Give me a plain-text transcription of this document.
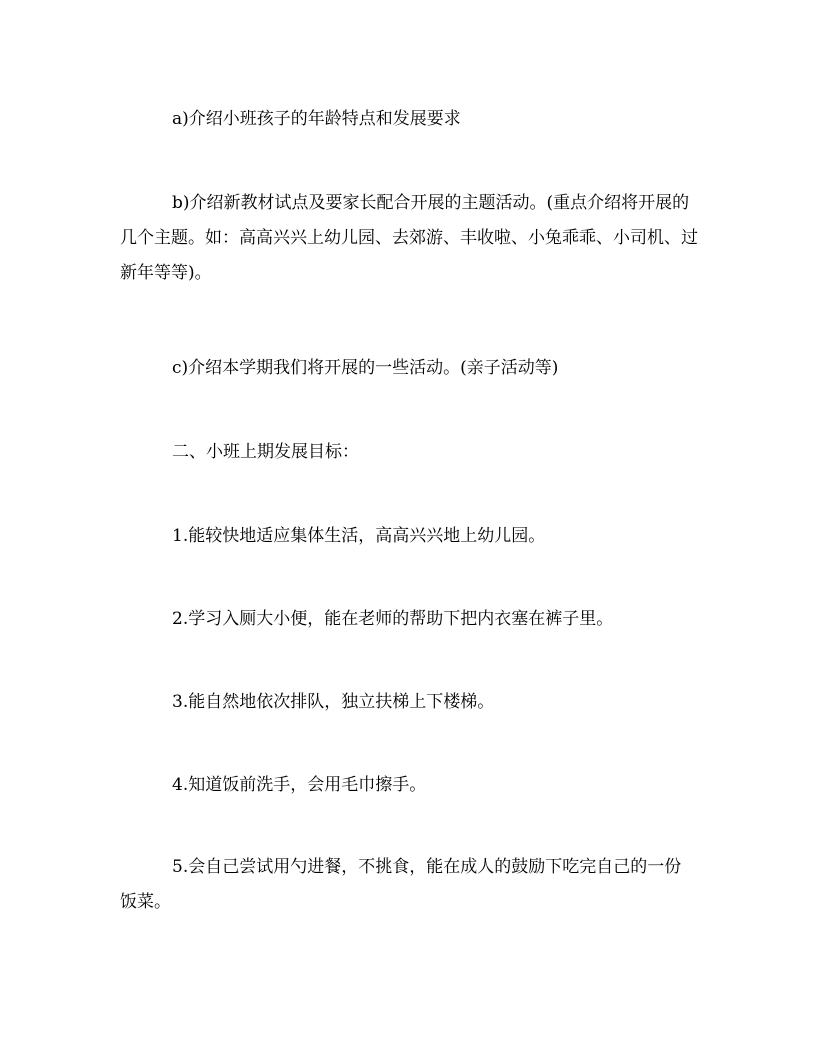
a)介绍小班孩子的年龄特点和发展要求

b)介绍新教材试点及要家长配合开展的主题活动。(重点介绍将开展的几个主题。如：高高兴兴上幼儿园、去郊游、丰收啦、小兔乖乖、小司机、过新年等等)。

c)介绍本学期我们将开展的一些活动。(亲子活动等)

二、小班上期发展目标：

1.能较快地适应集体生活，高高兴兴地上幼儿园。

2.学习入厕大小便，能在老师的帮助下把内衣塞在裤子里。

3.能自然地依次排队，独立扶梯上下楼梯。

4.知道饭前洗手，会用毛巾擦手。

5.会自己尝试用勺进餐，不挑食，能在成人的鼓励下吃完自己的一份饭菜。
